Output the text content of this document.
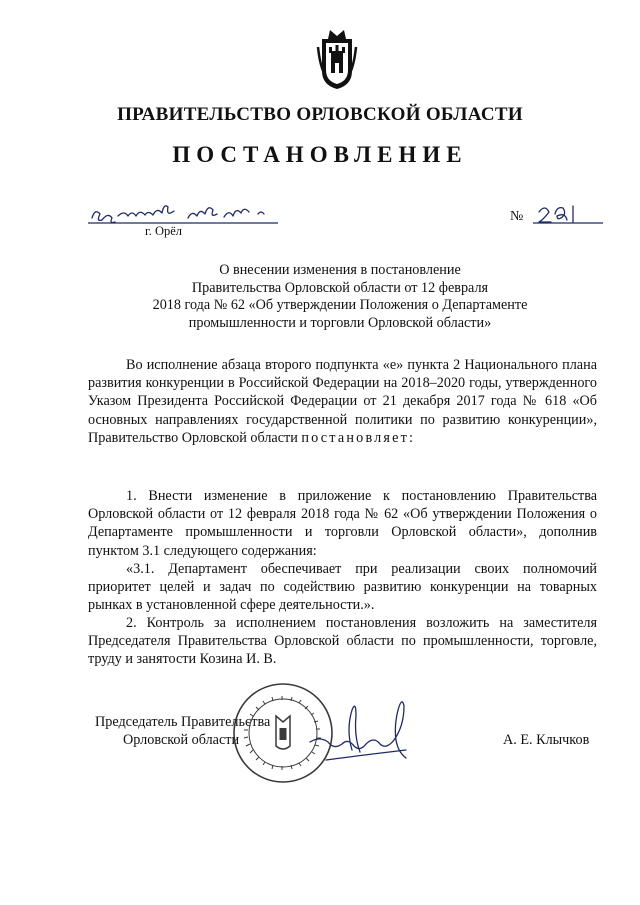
ПРАВИТЕЛЬСТВО ОРЛОВСКОЙ ОБЛАСТИ
ПОСТАНОВЛЕНИЕ
г. Орёл
№
О внесении изменения в постановление
Правительства Орловской области от 12 февраля
2018 года № 62 «Об утверждении Положения о Департаменте
промышленности и торговли Орловской области»
Во исполнение абзаца второго подпункта «е» пункта 2 Национального плана развития конкуренции в Российской Федерации на 2018–2020 годы, утвержденного Указом Президента Российской Федерации от 21 декабря 2017 года № 618 «Об основных направлениях государственной политики по развитию конкуренции», Правительство Орловской области постановляет:
1. Внести изменение в приложение к постановлению Правительства Орловской области от 12 февраля 2018 года № 62 «Об утверждении Положения о Департаменте промышленности и торговли Орловской области», дополнив пунктом 3.1 следующего содержания:
«3.1. Департамент обеспечивает при реализации своих полномочий приоритет целей и задач по содействию развитию конкуренции на товарных рынках в установленной сфере деятельности.».
2. Контроль за исполнением постановления возложить на заместителя Председателя Правительства Орловской области по промышленности, торговле, труду и занятости Козина И. В.
Председатель Правительства
Орловской области	А. Е. Клычков
